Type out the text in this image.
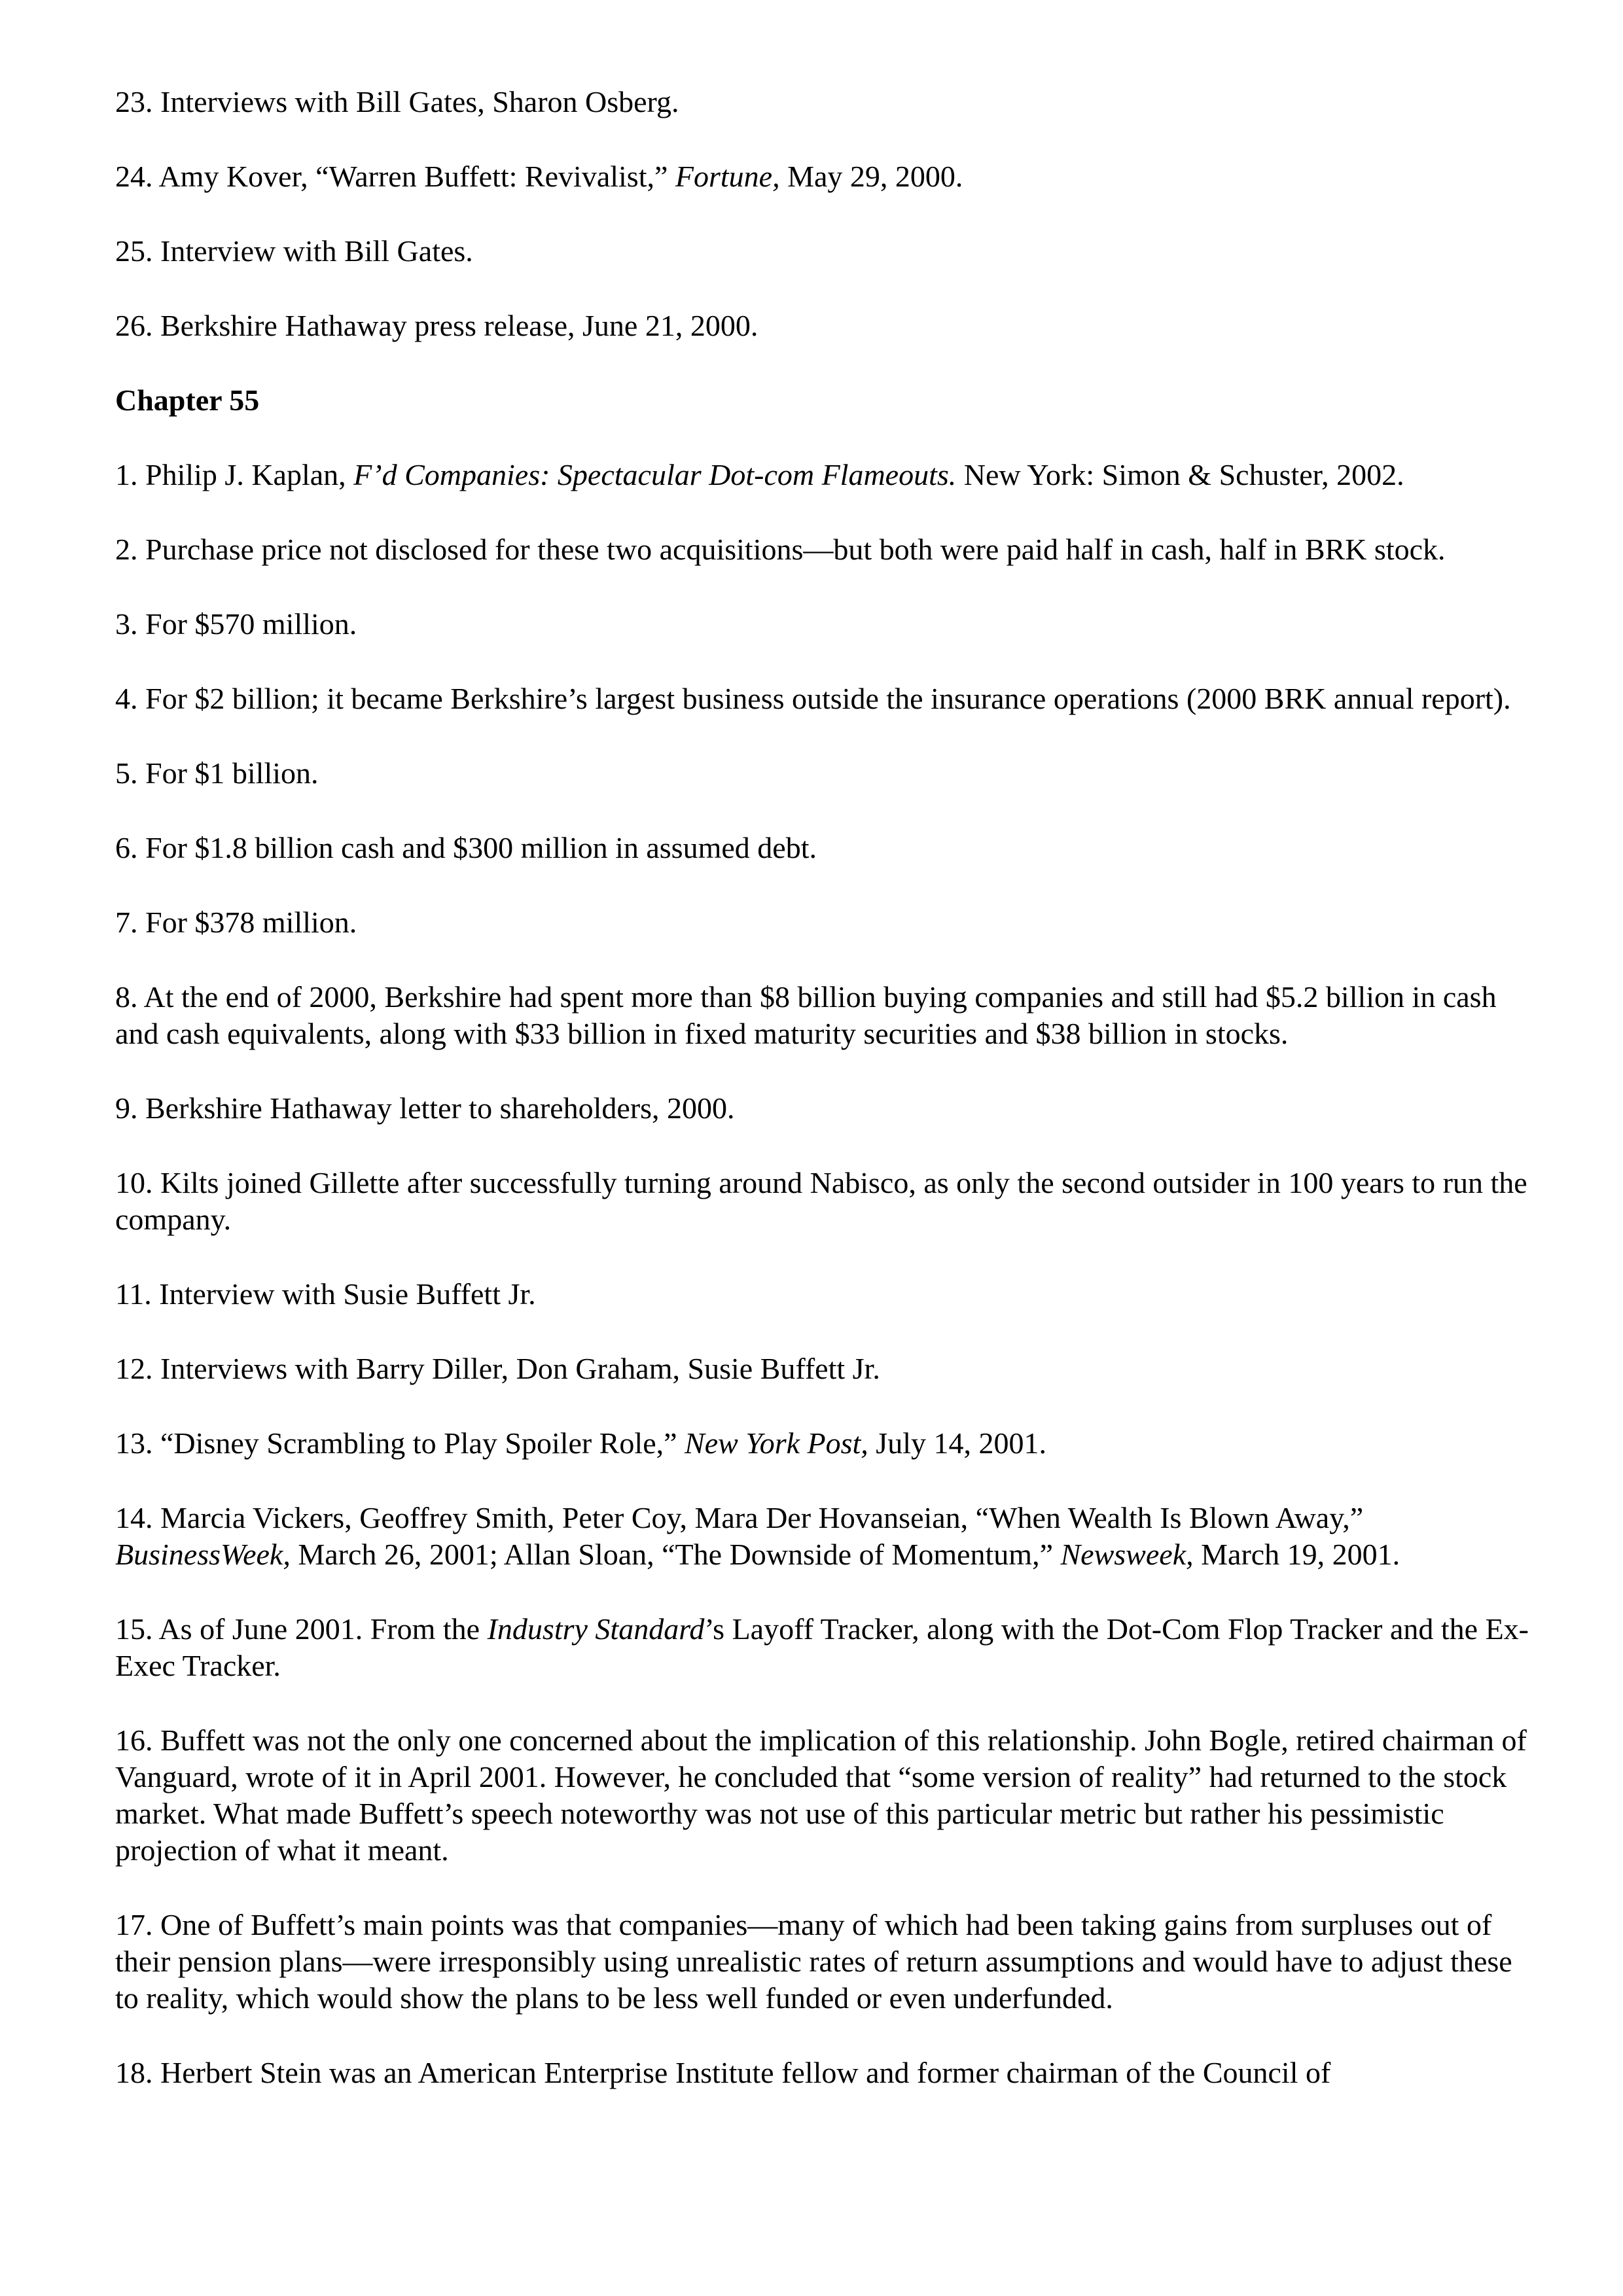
23. Interviews with Bill Gates, Sharon Osberg.

24. Amy Kover, “Warren Buffett: Revivalist,” Fortune, May 29, 2000.

25. Interview with Bill Gates.

26. Berkshire Hathaway press release, June 21, 2000.

Chapter 55

1. Philip J. Kaplan, F’d Companies: Spectacular Dot-com Flameouts. New York: Simon & Schuster, 2002.

2. Purchase price not disclosed for these two acquisitions—but both were paid half in cash, half in BRK stock.

3. For $570 million.

4. For $2 billion; it became Berkshire’s largest business outside the insurance operations (2000 BRK annual report).

5. For $1 billion.

6. For $1.8 billion cash and $300 million in assumed debt.

7. For $378 million.

8. At the end of 2000, Berkshire had spent more than $8 billion buying companies and still had $5.2 billion in cash and cash equivalents, along with $33 billion in fixed maturity securities and $38 billion in stocks.

9. Berkshire Hathaway letter to shareholders, 2000.

10. Kilts joined Gillette after successfully turning around Nabisco, as only the second outsider in 100 years to run the company.

11. Interview with Susie Buffett Jr.

12. Interviews with Barry Diller, Don Graham, Susie Buffett Jr.

13. “Disney Scrambling to Play Spoiler Role,” New York Post, July 14, 2001.

14. Marcia Vickers, Geoffrey Smith, Peter Coy, Mara Der Hovanseian, “When Wealth Is Blown Away,” BusinessWeek, March 26, 2001; Allan Sloan, “The Downside of Momentum,” Newsweek, March 19, 2001.

15. As of June 2001. From the Industry Standard’s Layoff Tracker, along with the Dot-Com Flop Tracker and the Ex-Exec Tracker.

16. Buffett was not the only one concerned about the implication of this relationship. John Bogle, retired chairman of Vanguard, wrote of it in April 2001. However, he concluded that “some version of reality” had returned to the stock market. What made Buffett’s speech noteworthy was not use of this particular metric but rather his pessimistic projection of what it meant.

17. One of Buffett’s main points was that companies—many of which had been taking gains from surpluses out of their pension plans—were irresponsibly using unrealistic rates of return assumptions and would have to adjust these to reality, which would show the plans to be less well funded or even underfunded.

18. Herbert Stein was an American Enterprise Institute fellow and former chairman of the Council of
